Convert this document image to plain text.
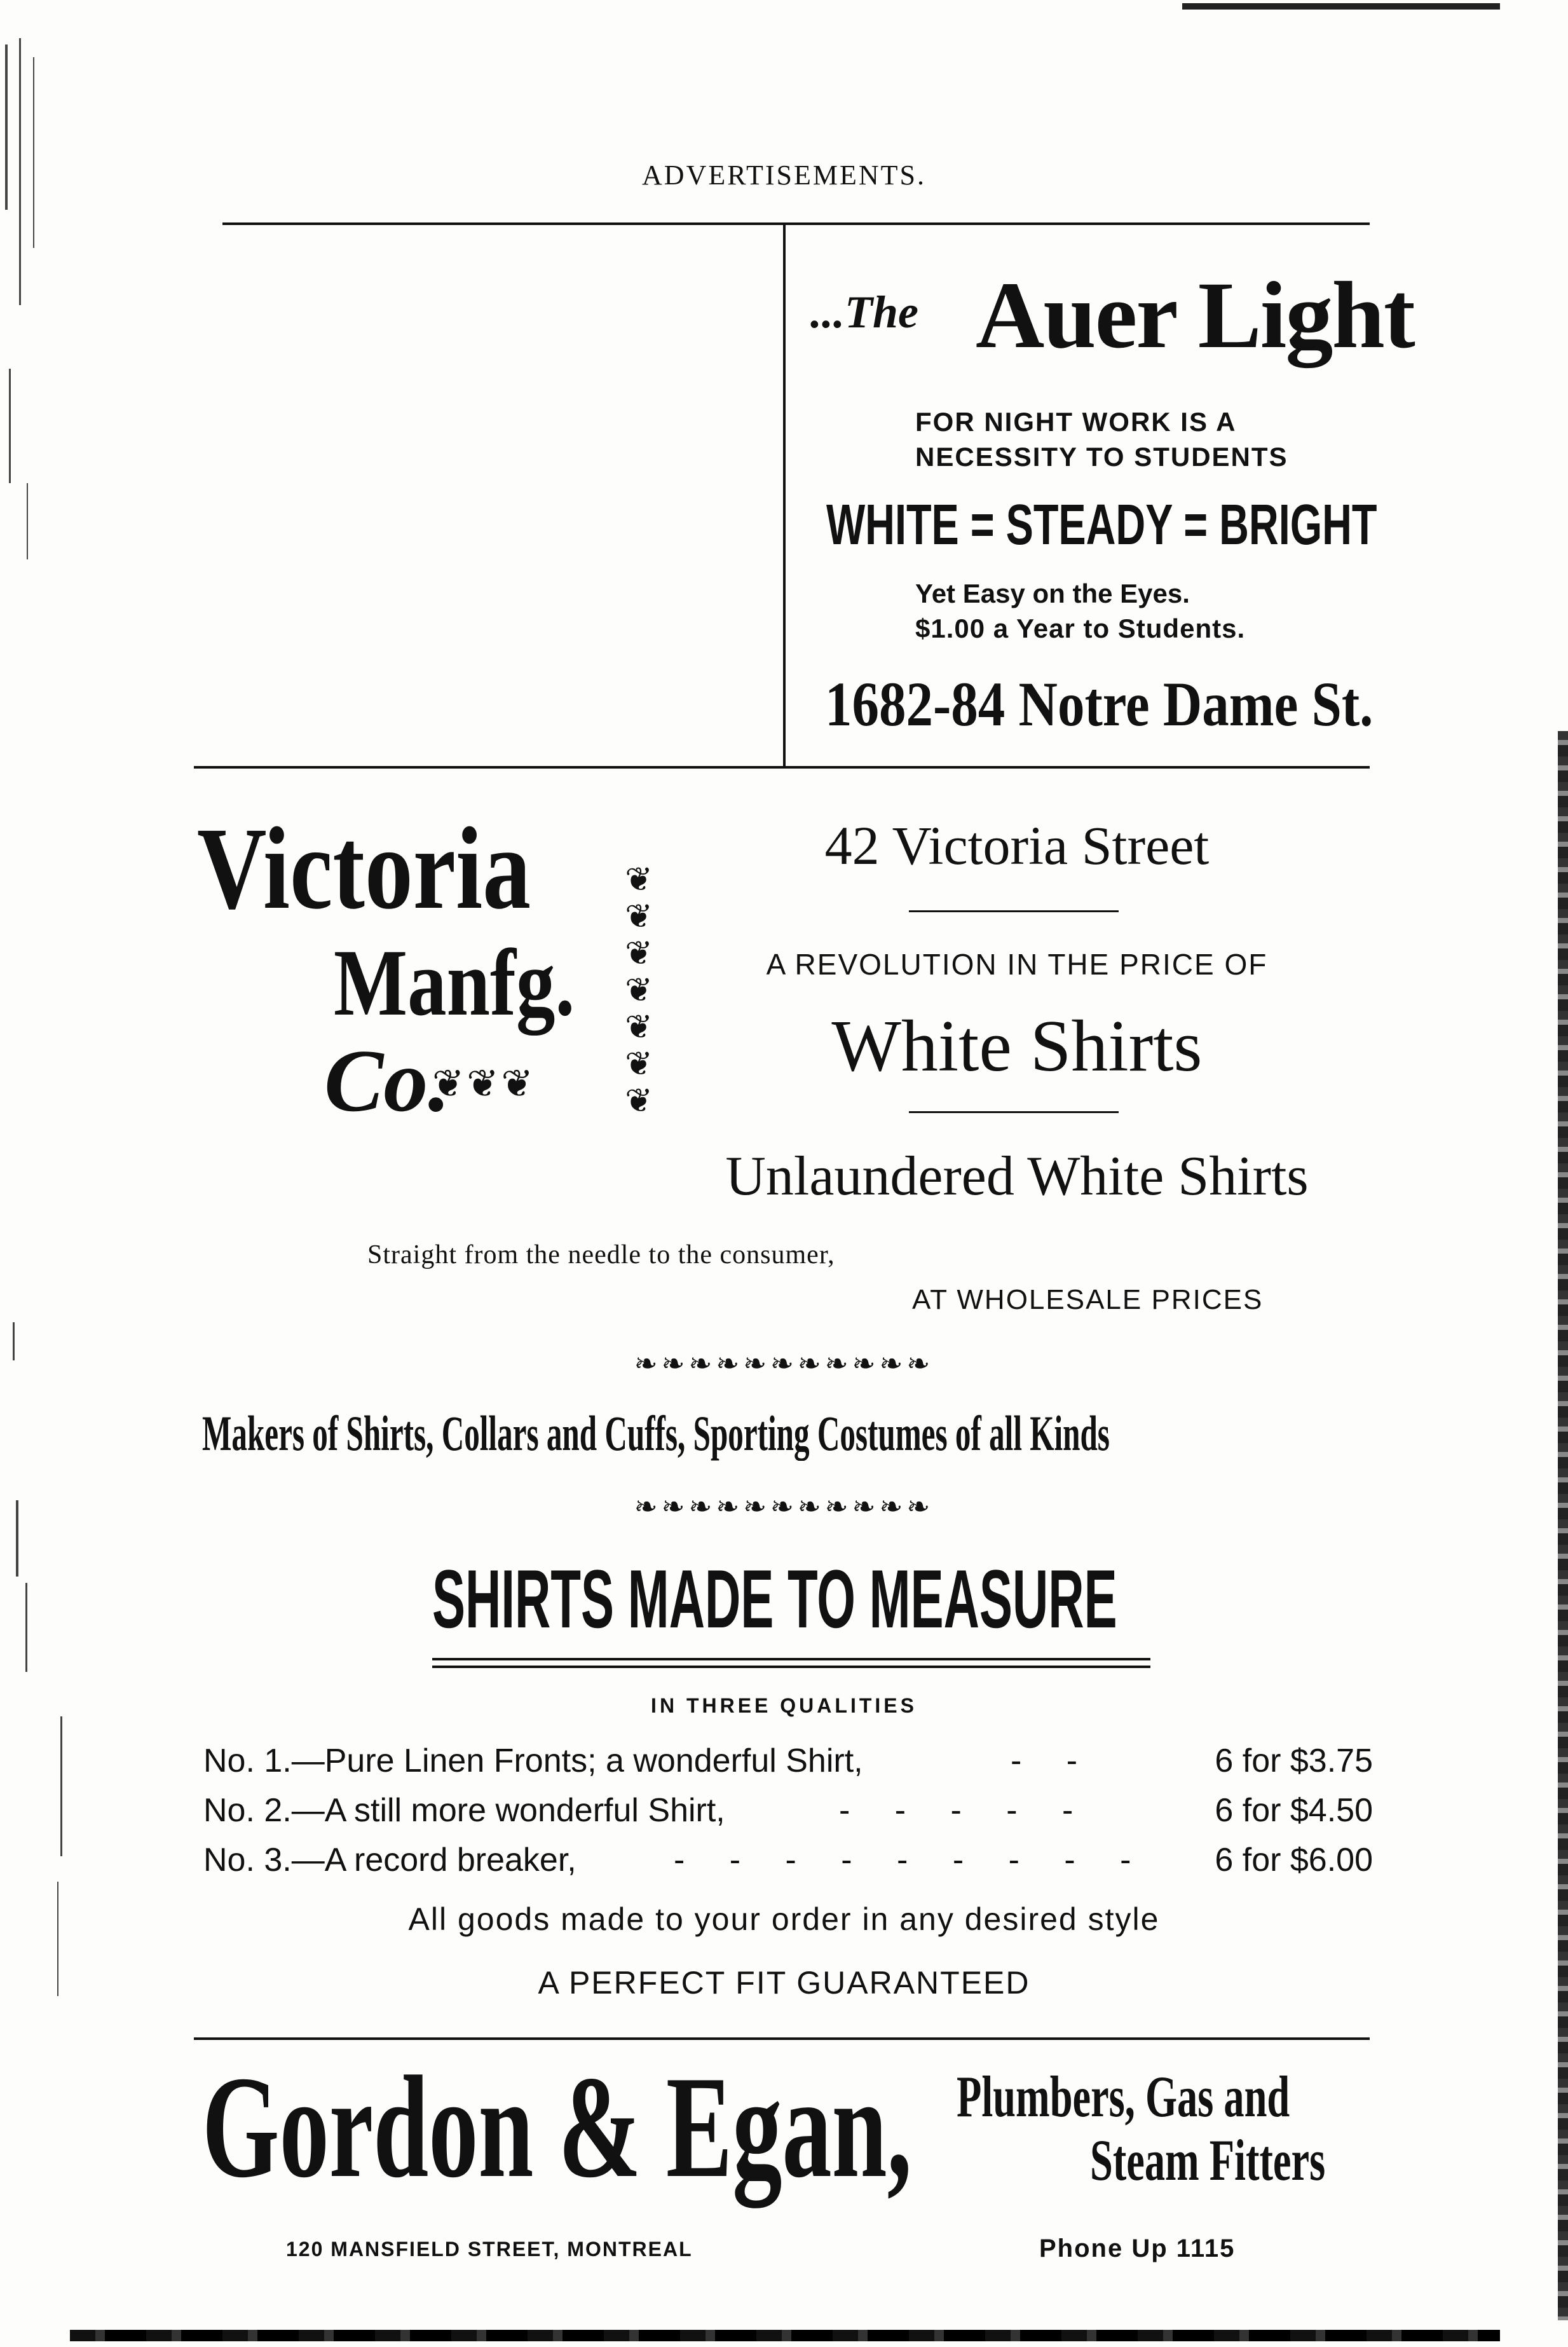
ADVERTISEMENTS.
...The Auer Light
FOR NIGHT WORK IS A
NECESSITY TO STUDENTS
WHITE = STEADY = BRIGHT
Yet Easy on the Eyes.
$1.00 a Year to Students.
1682-84 Notre Dame St.
Victoria
Manfg.
Co.
❦❦❦
❦
❦
❦
❦
❦
❦
❦
42 Victoria Street
A REVOLUTION IN THE PRICE OF
White Shirts
Unlaundered White Shirts
Straight from the needle to the consumer,
AT WHOLESALE PRICES
❧❧❧❧❧❧❧❧❧❧❧
Makers of Shirts, Collars and Cuffs, Sporting Costumes of all Kinds
❧❧❧❧❧❧❧❧❧❧❧
SHIRTS MADE TO MEASURE
IN THREE QUALITIES
No. 1.—Pure Linen Fronts; a wonderful Shirt,	- -	6 for $3.75
No. 2.—A still more wonderful Shirt,	- - - - -	6 for $4.50
No. 3.—A record breaker,	- - - - - - - - - 6 for $6.00
All goods made to your order in any desired style
A PERFECT FIT GUARANTEED
Gordon & Egan, Plumbers, Gas and
Steam Fitters
120 MANSFIELD STREET, MONTREAL	Phone Up 1115
